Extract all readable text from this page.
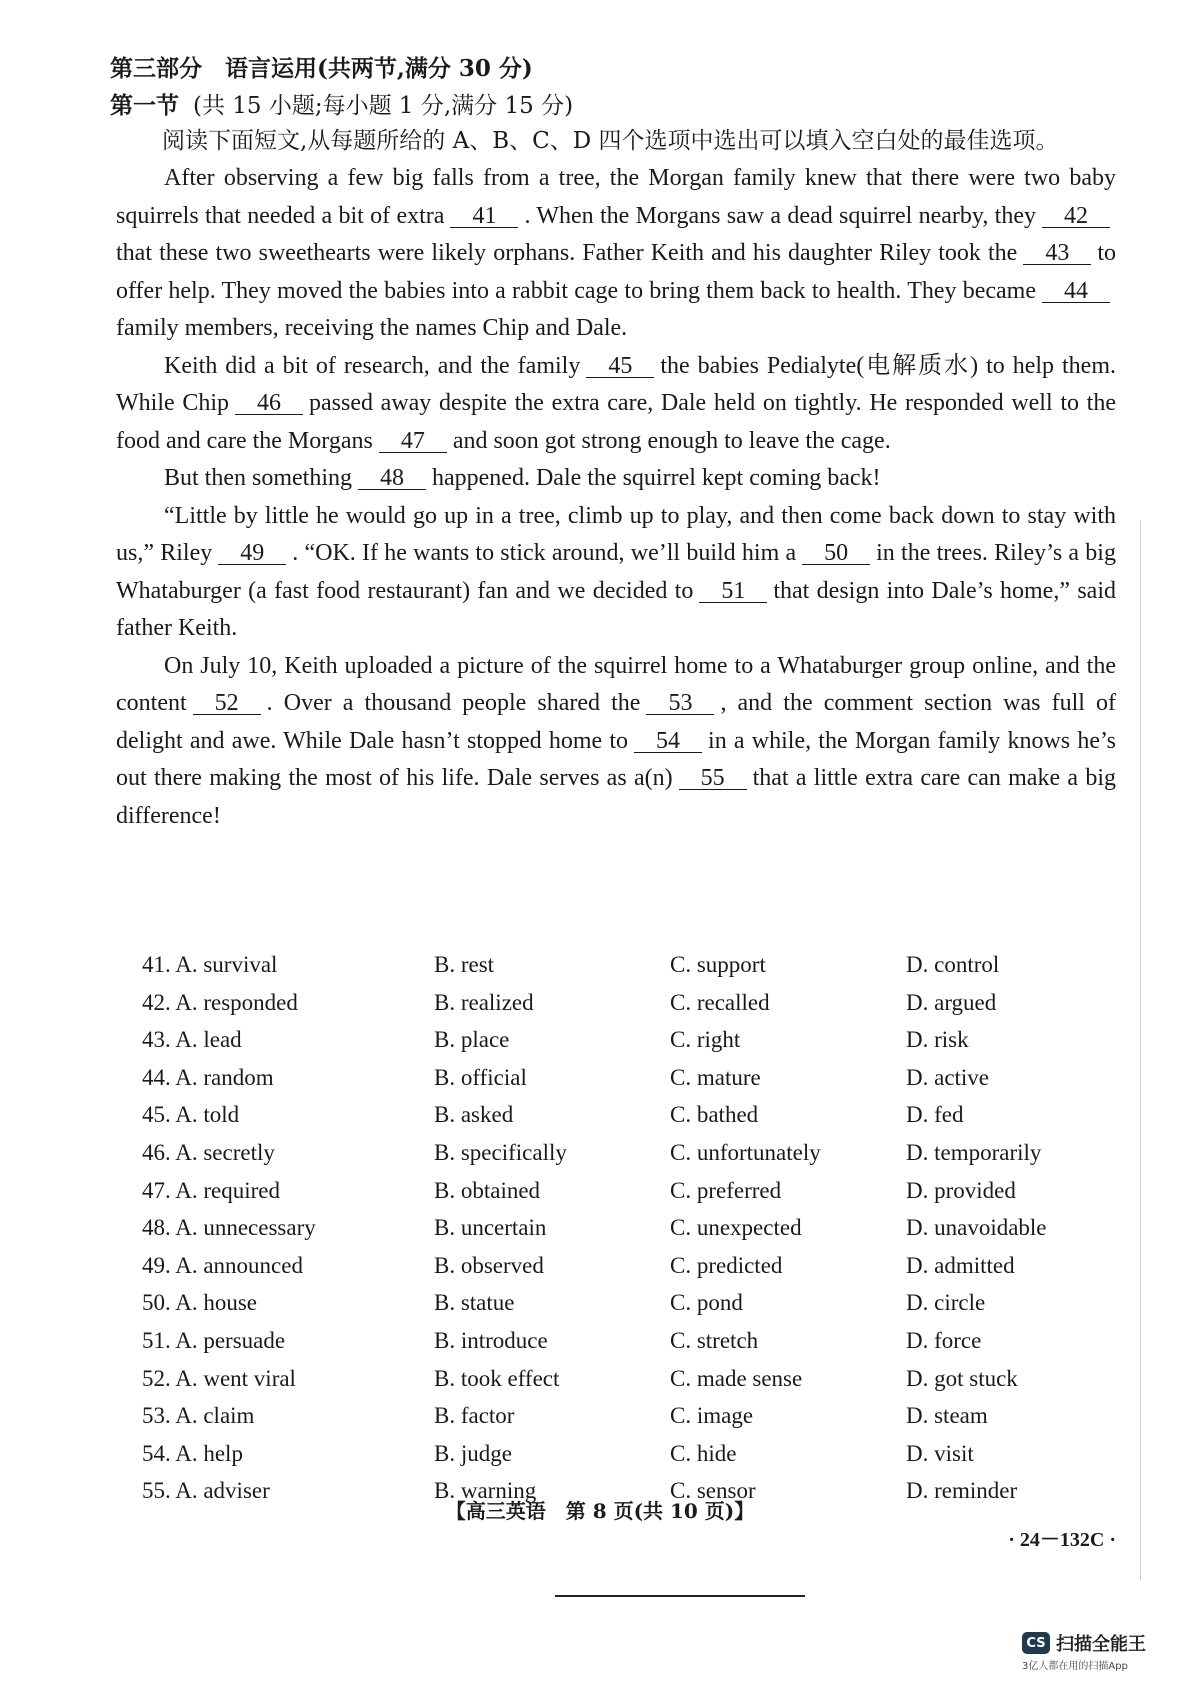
第三部分　语言运用(共两节,满分 30 分)
第一节 (共 15 小题;每小题 1 分,满分 15 分)
阅读下面短文,从每题所给的 A、B、C、D 四个选项中选出可以填入空白处的最佳选项。

After observing a few big falls from a tree, the Morgan family knew that there were two baby squirrels that needed a bit of extra 41 . When the Morgans saw a dead squirrel nearby, they 42that these two sweethearts were likely orphans. Father Keith and his daughter Riley took the 43 to offer help. They moved the babies into a rabbit cage to bring them back to health. They became 44family members, receiving the names Chip and Dale.

Keith did a bit of research, and the family 45 the babies Pedialyte(电解质水) to help them. While Chip 46 passed away despite the extra care, Dale held on tightly. He responded well to the food and care the Morgans 47 and soon got strong enough to leave the cage.

But then something 48 happened. Dale the squirrel kept coming back!

“Little by little he would go up in a tree, climb up to play, and then come back down to stay with us,” Riley 49 . “OK. If he wants to stick around, we’ll build him a 50 in the trees. Riley’s a big Whataburger (a fast food restaurant) fan and we decided to 51 that design into Dale’s home,” said father Keith.

On July 10, Keith uploaded a picture of the squirrel home to a Whataburger group online, and the content 52 . Over a thousand people shared the 53 , and the comment section was full of delight and awe. While Dale hasn’t stopped home to 54 in a while, the Morgan family knows he’s out there making the most of his life. Dale serves as a(n) 55 that a little extra care can make a big difference!

41. A. survival	B. rest	C. support	D. control
42. A. responded	B. realized	C. recalled	D. argued
43. A. lead	B. place	C. right	D. risk
44. A. random	B. official	C. mature	D. active
45. A. told	B. asked	C. bathed	D. fed
46. A. secretly	B. specifically	C. unfortunately	D. temporarily
47. A. required	B. obtained	C. preferred	D. provided
48. A. unnecessary	B. uncertain	C. unexpected	D. unavoidable
49. A. announced	B. observed	C. predicted	D. admitted
50. A. house	B. statue	C. pond	D. circle
51. A. persuade	B. introduce	C. stretch	D. force
52. A. went viral	B. took effect	C. made sense	D. got stuck
53. A. claim	B. factor	C. image	D. steam
54. A. help	B. judge	C. hide	D. visit
55. A. adviser	B. warning	C. sensor	D. reminder
【高三英语　第 8 页(共 10 页)】
· 24－132C ·
CS 扫描全能王
3亿人都在用的扫描App
